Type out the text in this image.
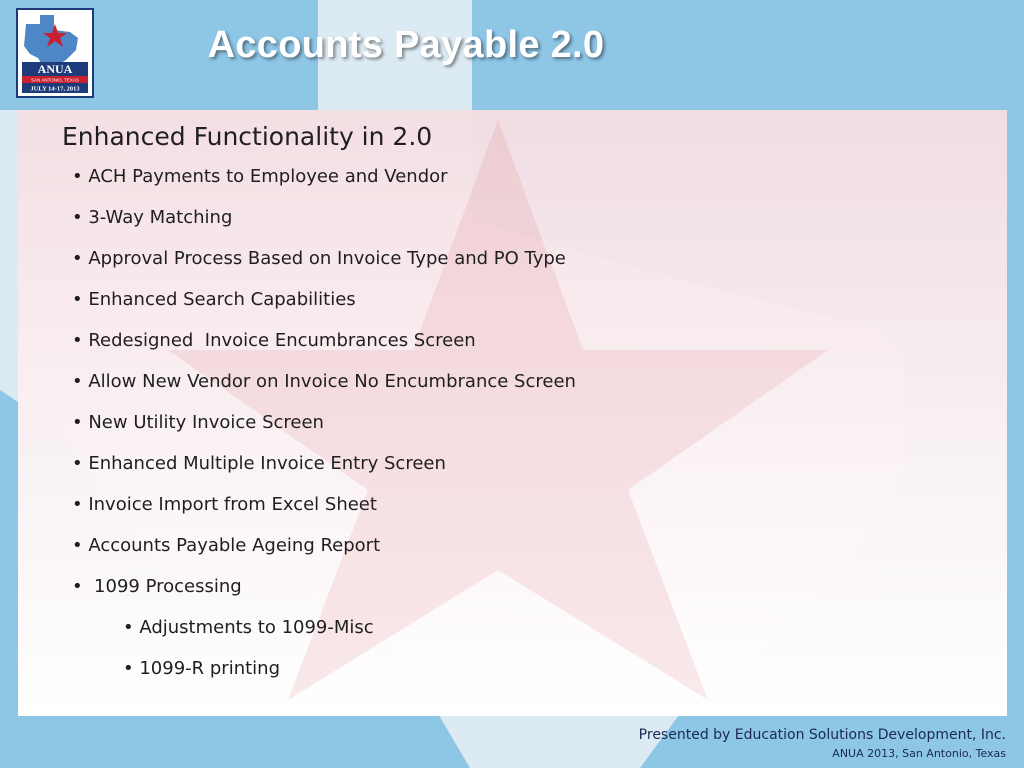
ANUA
SAN ANTONIO, TEXAS
JULY 14-17, 2013
Accounts Payable 2.0
Enhanced Functionality in 2.0
• ACH Payments to Employee and Vendor
• 3-Way Matching
• Approval Process Based on Invoice Type and PO Type
• Enhanced Search Capabilities
• Redesigned  Invoice Encumbrances Screen
• Allow New Vendor on Invoice No Encumbrance Screen
• New Utility Invoice Screen
• Enhanced Multiple Invoice Entry Screen
• Invoice Import from Excel Sheet
• Accounts Payable Ageing Report
•  1099 Processing
• Adjustments to 1099-Misc
• 1099-R printing
Presented by Education Solutions Development, Inc.
ANUA 2013, San Antonio, Texas
